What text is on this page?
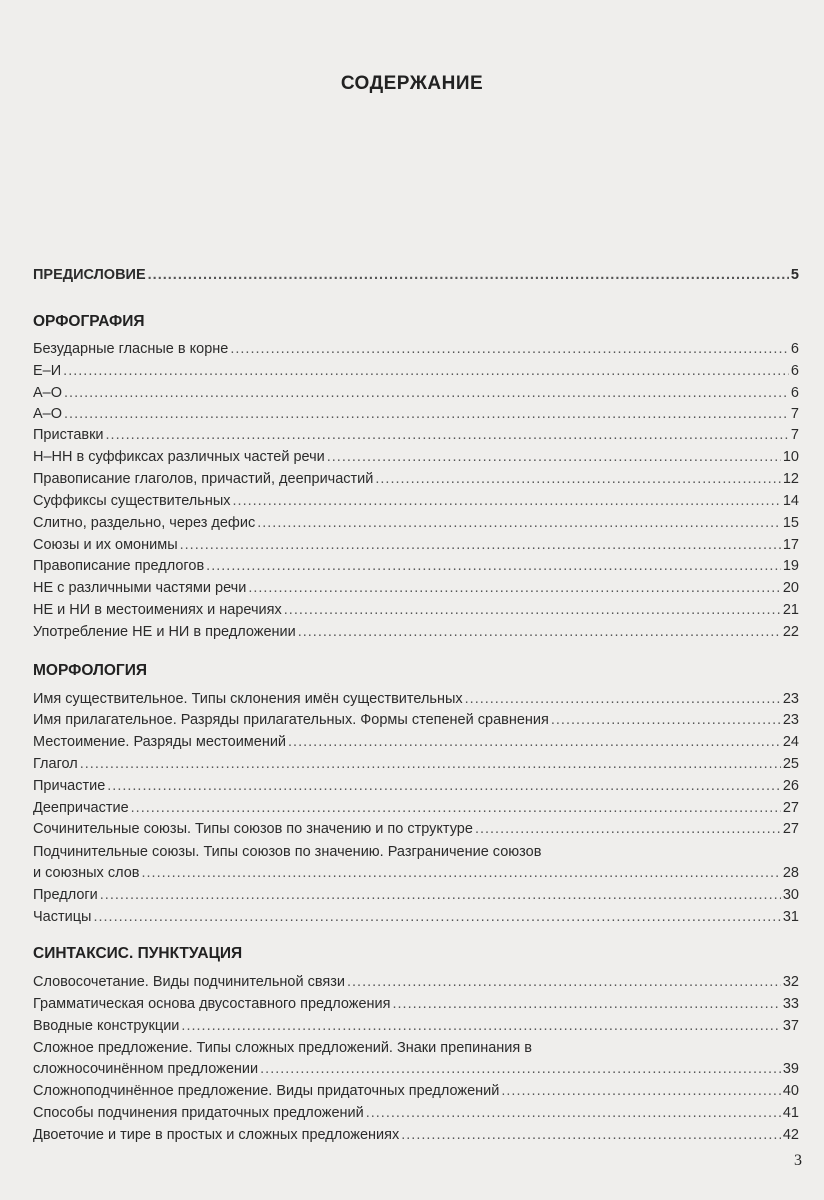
СОДЕРЖАНИЕ
ПРЕДИСЛОВИЕ .....	5
ОРФОГРАФИЯ
Безударные гласные в корне .....	6
Е–И .....	6
А–О .....	6
А–О .....	7
Приставки .....	7
Н–НН в суффиксах различных частей речи .....	10
Правописание глаголов, причастий, деепричастий .....	12
Суффиксы существительных .....	14
Слитно, раздельно, через дефис .....	15
Союзы и их омонимы .....	17
Правописание предлогов .....	19
НЕ с различными частями речи .....	20
НЕ и НИ в местоимениях и наречиях .....	21
Употребление НЕ и НИ в предложении .....	22
МОРФОЛОГИЯ
Имя существительное. Типы склонения имён существительных .....	23
Имя прилагательное. Разряды прилагательных. Формы степеней сравнения .....	23
Местоимение. Разряды местоимений .....	24
Глагол .....	25
Причастие .....	26
Деепричастие .....	27
Сочинительные союзы. Типы союзов по значению и по структуре .....	27
Подчинительные союзы. Типы союзов по значению. Разграничение союзов
и союзных слов .....	28
Предлоги .....	30
Частицы .....	31
СИНТАКСИС. ПУНКТУАЦИЯ
Словосочетание. Виды подчинительной связи .....	32
Грамматическая основа двусоставного предложения .....	33
Вводные конструкции .....	37
Сложное предложение. Типы сложных предложений. Знаки препинания в
сложносочинённом предложении .....	39
Сложноподчинённое предложение. Виды придаточных предложений .....	40
Способы подчинения придаточных предложений .....	41
Двоеточие и тире в простых и сложных предложениях .....	42
3
